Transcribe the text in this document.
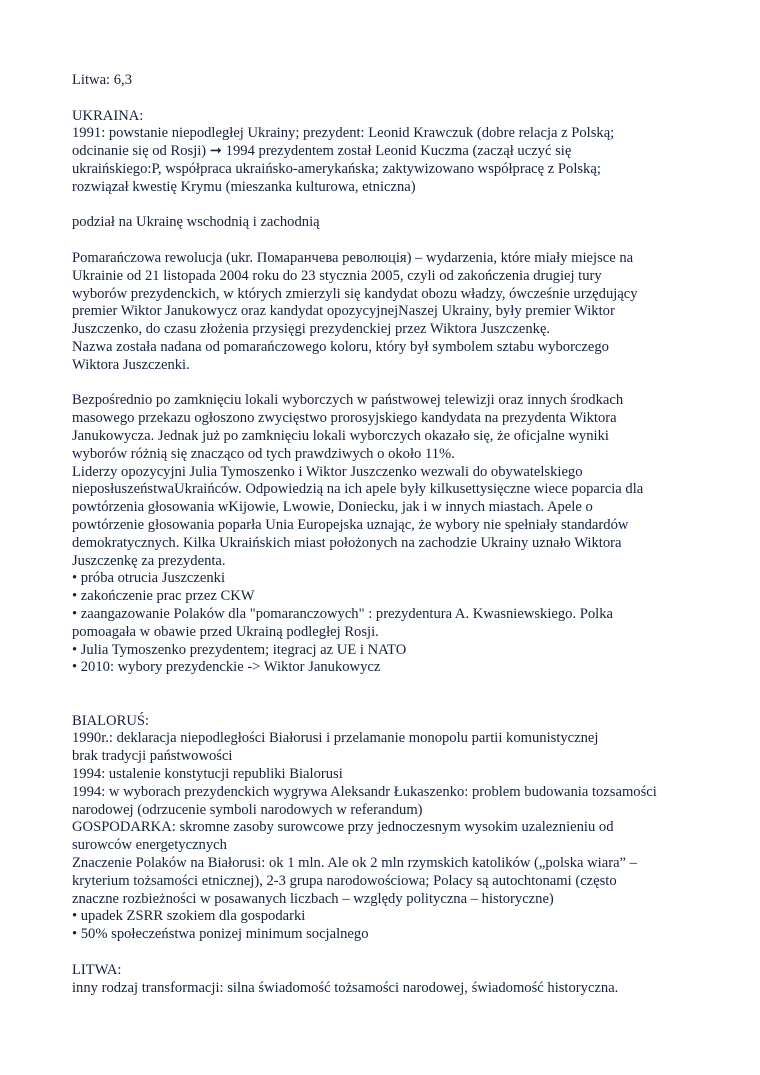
Litwa: 6,3

UKRAINA:

1991: powstanie niepodległej Ukrainy; prezydent: Leonid Krawczuk (dobre relacja z Polską;

odcinanie się od Rosji) ➞ 1994 prezydentem został Leonid Kuczma (zaczął uczyć się

ukraińskiego:P, współpraca ukraińsko-amerykańska; zaktywizowano współpracę z Polską;

rozwiązał kwestię Krymu (mieszanka kulturowa, etniczna)

podział na Ukrainę wschodnią i zachodnią

Pomarańczowa rewolucja (ukr. Помаранчева революція) – wydarzenia, które miały miejsce na

Ukrainie od 21 listopada 2004 roku do 23 stycznia 2005, czyli od zakończenia drugiej tury

wyborów prezydenckich, w których zmierzyli się kandydat obozu władzy, ówcześnie urzędujący

premier Wiktor Janukowycz oraz kandydat opozycyjnejNaszej Ukrainy, były premier Wiktor

Juszczenko, do czasu złożenia przysięgi prezydenckiej przez Wiktora Juszczenkę.

Nazwa została nadana od pomarańczowego koloru, który był symbolem sztabu wyborczego

Wiktora Juszczenki.

Bezpośrednio po zamknięciu lokali wyborczych w państwowej telewizji oraz innych środkach

masowego przekazu ogłoszono zwycięstwo prorosyjskiego kandydata na prezydenta Wiktora

Janukowycza. Jednak już po zamknięciu lokali wyborczych okazało się, że oficjalne wyniki

wyborów różnią się znacząco od tych prawdziwych o około 11%.

Liderzy opozycyjni Julia Tymoszenko i Wiktor Juszczenko wezwali do obywatelskiego

nieposłuszeństwaUkraińców. Odpowiedzią na ich apele były kilkusettysięczne wiece poparcia dla

powtórzenia głosowania wKijowie, Lwowie, Doniecku, jak i w innych miastach. Apele o

powtórzenie głosowania poparła Unia Europejska uznając, że wybory nie spełniały standardów

demokratycznych. Kilka Ukraińskich miast położonych na zachodzie Ukrainy uznało Wiktora

Juszczenkę za prezydenta.

• próba otrucia Juszczenki

• zakończenie prac przez CKW

• zaangazowanie Polaków dla "pomaranczowych" : prezydentura A. Kwasniewskiego. Polka

pomoagała w obawie przed Ukrainą podległej Rosji.

• Julia Tymoszenko prezydentem; itegracj az UE i NATO

• 2010: wybory prezydenckie -> Wiktor Janukowycz

BIALORUŚ:

1990r.: deklaracja niepodległości Białorusi i przelamanie monopolu partii komunistycznej

brak tradycji państwowości

1994: ustalenie konstytucji republiki Bialorusi

1994: w wyborach prezydenckich wygrywa Aleksandr Łukaszenko: problem budowania tozsamości

narodowej (odrzucenie symboli narodowych w referandum)

GOSPODARKA: skromne zasoby surowcowe przy jednoczesnym wysokim uzaleznieniu od

surowców energetycznych

Znaczenie Polaków na Białorusi: ok 1 mln. Ale ok 2 mln rzymskich katolików („polska wiara” –

kryterium tożsamości etnicznej), 2-3 grupa narodowościowa; Polacy są autochtonami (często

znaczne rozbieżności w posawanych liczbach – względy polityczna – historyczne)

• upadek ZSRR szokiem dla gospodarki

• 50% społeczeństwa ponizej minimum socjalnego

LITWA:

inny rodzaj transformacji: silna świadomość tożsamości narodowej, świadomość historyczna.
